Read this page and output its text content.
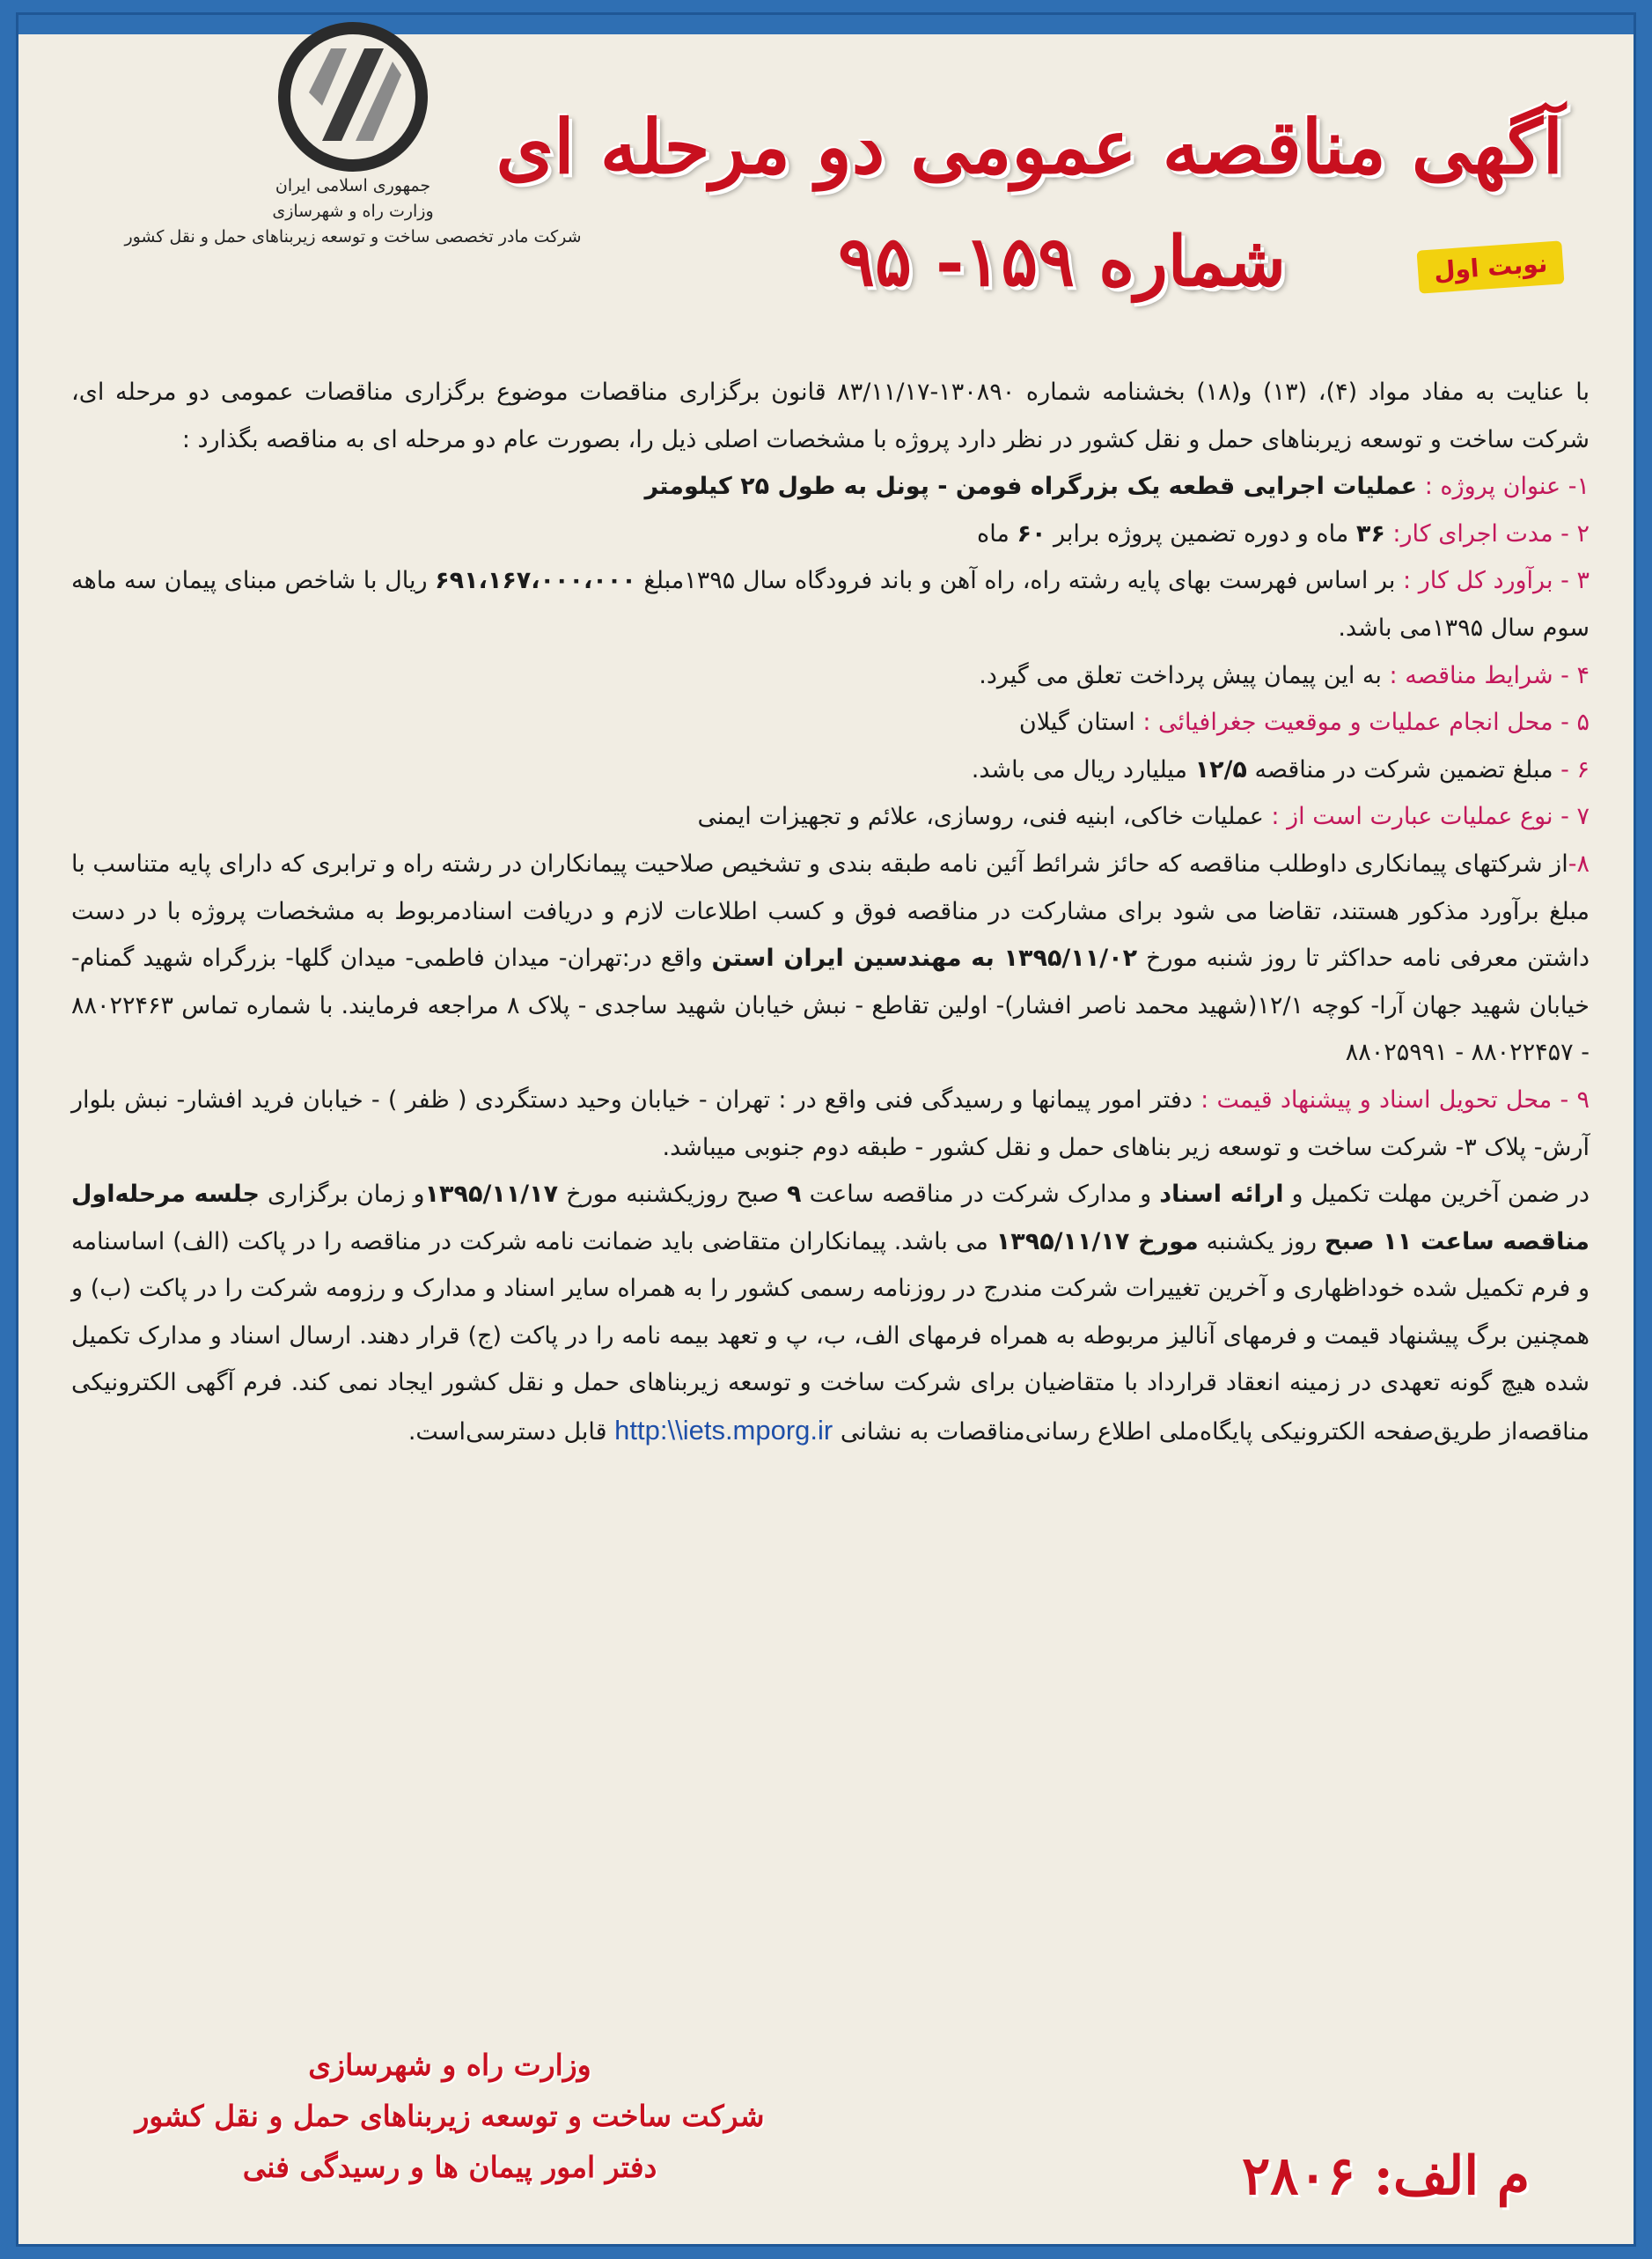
جمهوری اسلامی ایران
وزارت راه و شهرسازی
شرکت مادر تخصصی ساخت و توسعه زیربناهای حمل و نقل کشور
آگهی مناقصه عمومی دو مرحله ای
شماره ۱۵۹- ۹۵	نوبت اول

با عنایت به مفاد مواد (۴)، (۱۳) و(۱۸) بخشنامه شماره ۱۳۰۸۹۰-۸۳/۱۱/۱۷ قانون برگزاری مناقصات موضوع برگزاری مناقصات عمومی دو مرحله ای، شرکت ساخت و توسعه زیربناهای حمل و نقل کشور در نظر دارد پروژه با مشخصات اصلی ذیل را، بصورت عام دو مرحله ای به مناقصه بگذارد :

۱- عنوان پروژه : عملیات اجرایی قطعه یک بزرگراه فومن - پونل به طول ۲۵ کیلومتر

۲ - مدت اجرای کار: ۳۶ ماه و دوره تضمین پروژه برابر ۶۰ ماه

۳ - برآورد کل کار : بر اساس فهرست بهای پایه رشته راه، راه آهن و باند فرودگاه سال ۱۳۹۵مبلغ ۶۹۱،۱۶۷،۰۰۰،۰۰۰ ریال با شاخص مبنای پیمان سه ماهه سوم سال ۱۳۹۵می باشد.

۴ - شرایط مناقصه : به این پیمان پیش پرداخت تعلق می گیرد.

۵ - محل انجام عملیات و موقعیت جغرافیائی : استان گیلان

۶ - مبلغ تضمین شرکت در مناقصه ۱۲/۵ میلیارد ریال می باشد.

۷ - نوع عملیات عبارت است از : عملیات خاکی، ابنیه فنی، روسازی، علائم و تجهیزات ایمنی

۸-از شرکتهای پیمانکاری داوطلب مناقصه که حائز شرائط آئین نامه طبقه بندی و تشخیص صلاحیت پیمانکاران در رشته راه و ترابری که دارای پایه متناسب با مبلغ برآورد مذکور هستند، تقاضا می شود برای مشارکت در مناقصه فوق و کسب اطلاعات لازم و دریافت اسنادمربوط به مشخصات پروژه با در دست داشتن معرفی نامه حداکثر تا روز شنبه مورخ ۱۳۹۵/۱۱/۰۲ به مهندسین ایران استن واقع در:تهران- میدان فاطمی- میدان گلها- بزرگراه شهید گمنام- خیابان شهید جهان آرا- کوچه ۱۲/۱(شهید محمد ناصر افشار)- اولین تقاطع - نبش خیابان شهید ساجدی - پلاک ۸ مراجعه فرمایند. با شماره تماس ۸۸۰۲۲۴۶۳ - ۸۸۰۲۲۴۵۷ - ۸۸۰۲۵۹۹۱

۹ - محل تحویل اسناد و پیشنهاد قیمت : دفتر امور پیمانها و رسیدگی فنی واقع در : تهران - خیابان وحید دستگردی ( ظفر ) - خیابان فرید افشار- نبش بلوار آرش- پلاک ۳- شرکت ساخت و توسعه زیر بناهای حمل و نقل کشور - طبقه دوم جنوبی میباشد.

در ضمن آخرین مهلت تکمیل و ارائه اسناد و مدارک شرکت در مناقصه ساعت ۹ صبح روزیکشنبه مورخ ۱۳۹۵/۱۱/۱۷و زمان برگزاری جلسه مرحله‌اول مناقصه ساعت ۱۱ صبح روز یکشنبه مورخ ۱۳۹۵/۱۱/۱۷ می باشد. پیمانکاران متقاضی باید ضمانت نامه شرکت در مناقصه را در پاکت (الف) اساسنامه و فرم تکمیل شده خوداظهاری و آخرین تغییرات شرکت مندرج در روزنامه رسمی کشور را به همراه سایر اسناد و مدارک و رزومه شرکت را در پاکت (ب) و همچنین برگ پیشنهاد قیمت و فرمهای آنالیز مربوطه به همراه فرمهای الف، ب، پ و تعهد بیمه نامه را در پاکت (ج) قرار دهند. ارسال اسناد و مدارک تکمیل شده هیچ گونه تعهدی در زمینه انعقاد قرارداد با متقاضیان برای شرکت ساخت و توسعه زیربناهای حمل و نقل کشور ایجاد نمی کند. فرم آگهی الکترونیکی مناقصه‌از طریق‌صفحه الکترونیکی پایگاه‌ملی اطلاع رسانی‌مناقصات به نشانی http:\\iets.mporg.ir قابل دسترسی‌است.

وزارت راه و شهرسازی
شرکت ساخت و توسعه زیربناهای حمل و نقل کشور
دفتر امور پیمان ها و رسیدگی فنی	م الف: ۲۸۰۶
